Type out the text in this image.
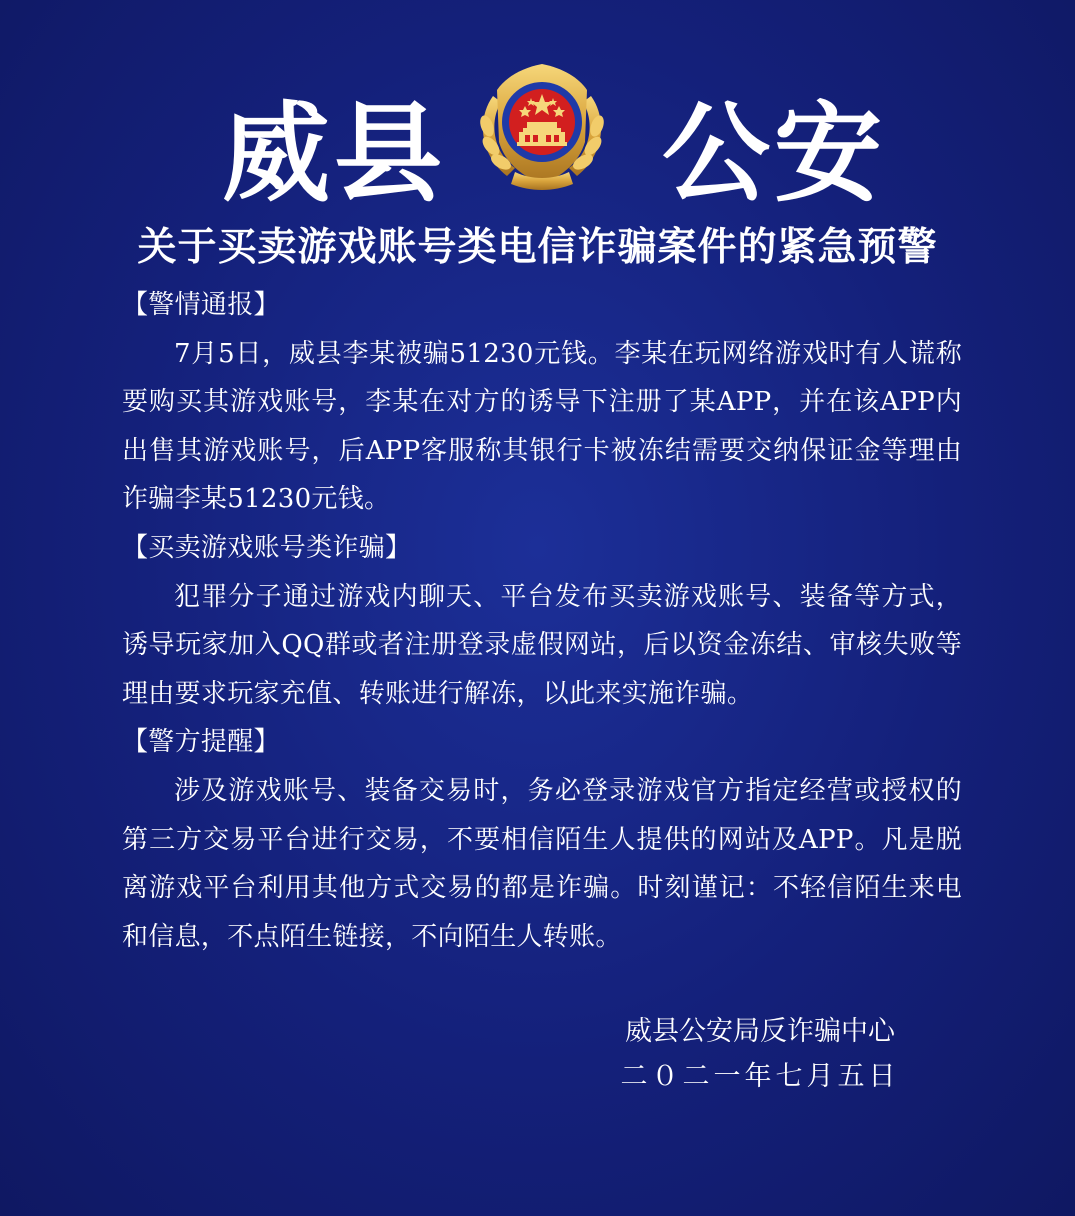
威县 公安
关于买卖游戏账号类电信诈骗案件的紧急预警

【警情通报】

7月5日，威县李某被骗51230元钱。李某在玩网络游戏时有人谎称要购买其游戏账号，李某在对方的诱导下注册了某APP，并在该APP内出售其游戏账号，后APP客服称其银行卡被冻结需要交纳保证金等理由诈骗李某51230元钱。

【买卖游戏账号类诈骗】

犯罪分子通过游戏内聊天、平台发布买卖游戏账号、装备等方式，诱导玩家加入QQ群或者注册登录虚假网站，后以资金冻结、审核失败等理由要求玩家充值、转账进行解冻，以此来实施诈骗。

【警方提醒】

涉及游戏账号、装备交易时，务必登录游戏官方指定经营或授权的第三方交易平台进行交易，不要相信陌生人提供的网站及APP。凡是脱离游戏平台利用其他方式交易的都是诈骗。时刻谨记：不轻信陌生来电和信息，不点陌生链接，不向陌生人转账。

威县公安局反诈骗中心
二０二一年七月五日
